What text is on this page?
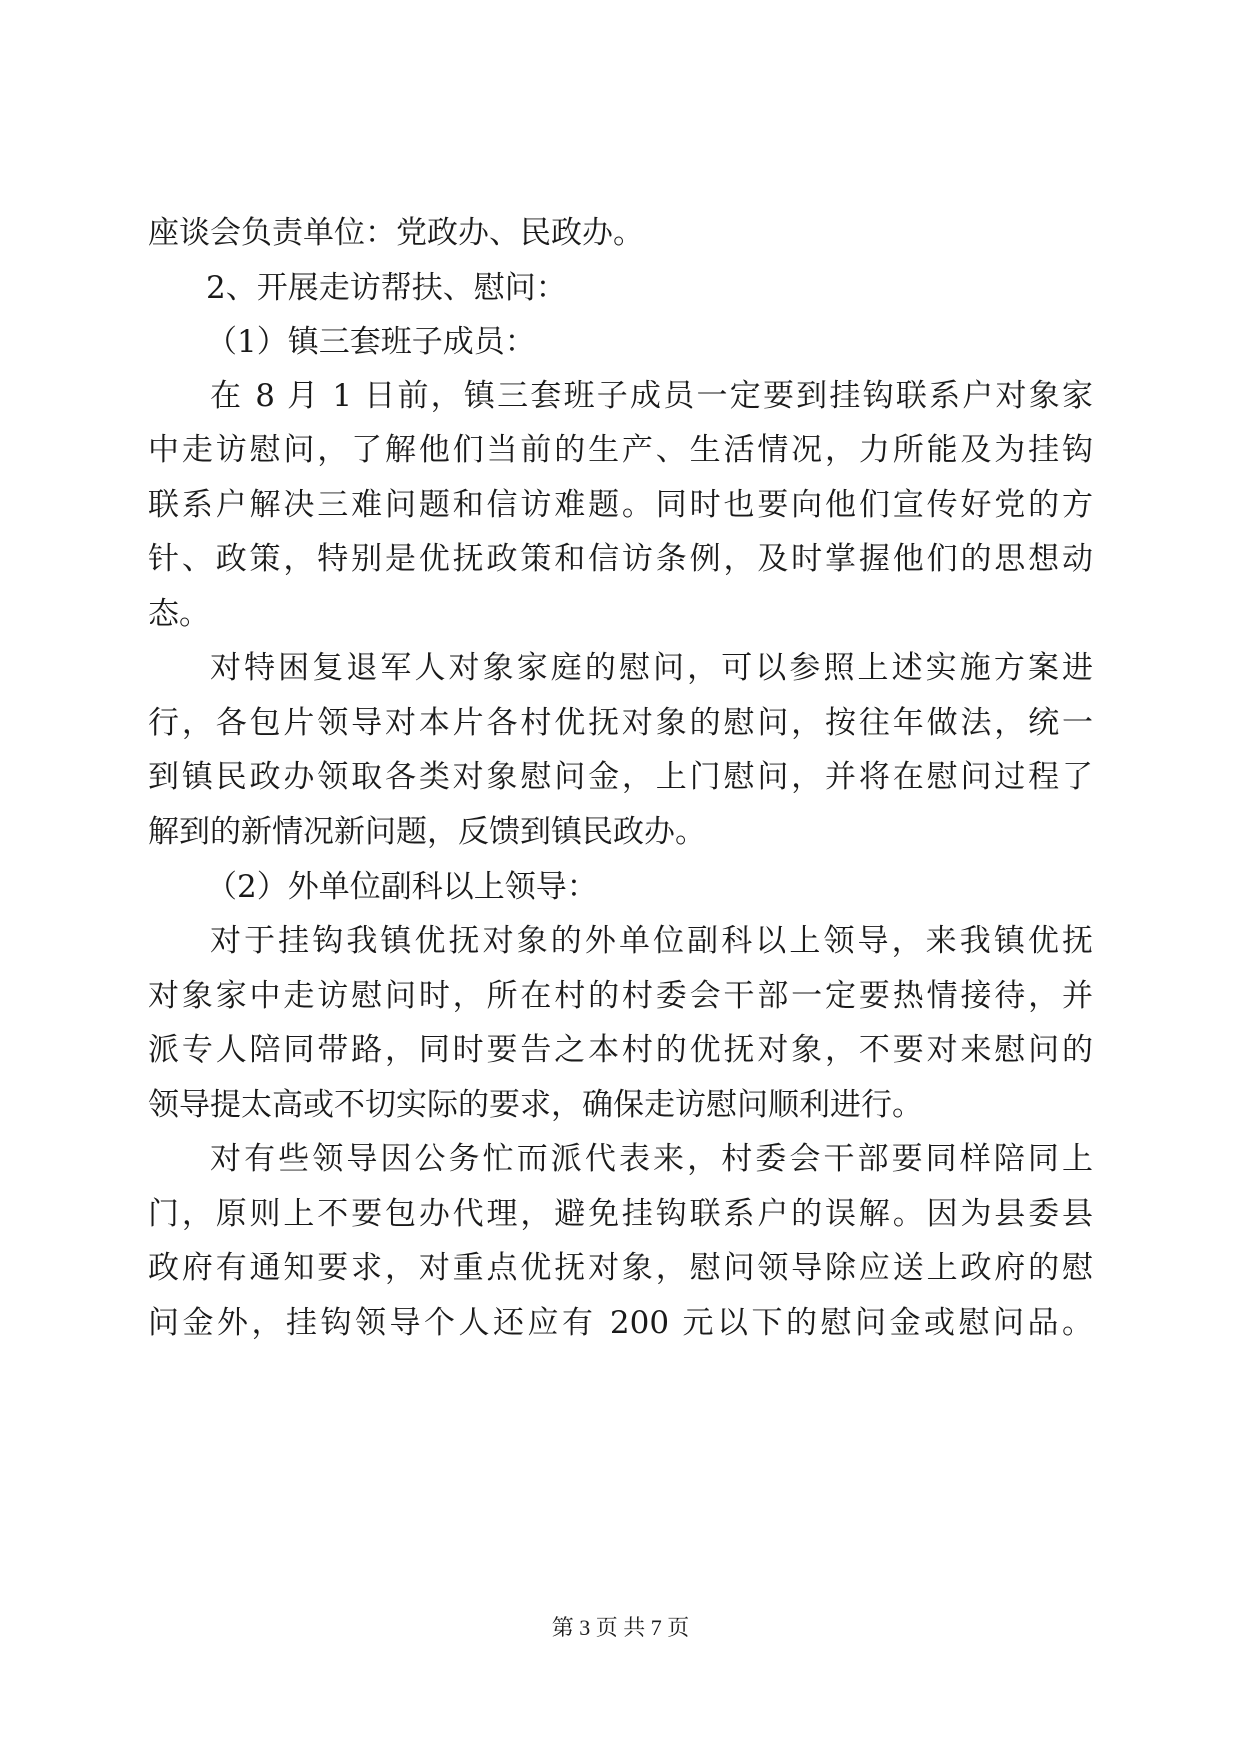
座谈会负责单位：党政办、民政办。
2、开展走访帮扶、慰问：
（1）镇三套班子成员：
在 8 月 1 日前，镇三套班子成员一定要到挂钩联系户对象家
中走访慰问，了解他们当前的生产、生活情况，力所能及为挂钩
联系户解决三难问题和信访难题。同时也要向他们宣传好党的方
针、政策，特别是优抚政策和信访条例，及时掌握他们的思想动
态。
对特困复退军人对象家庭的慰问，可以参照上述实施方案进
行，各包片领导对本片各村优抚对象的慰问，按往年做法，统一
到镇民政办领取各类对象慰问金，上门慰问，并将在慰问过程了
解到的新情况新问题，反馈到镇民政办。
（2）外单位副科以上领导：
对于挂钩我镇优抚对象的外单位副科以上领导，来我镇优抚
对象家中走访慰问时，所在村的村委会干部一定要热情接待，并
派专人陪同带路，同时要告之本村的优抚对象，不要对来慰问的
领导提太高或不切实际的要求，确保走访慰问顺利进行。
对有些领导因公务忙而派代表来，村委会干部要同样陪同上
门，原则上不要包办代理，避免挂钩联系户的误解。因为县委县
政府有通知要求，对重点优抚对象，慰问领导除应送上政府的慰
问金外，挂钩领导个人还应有 200 元以下的慰问金或慰问品。
第 3 页 共 7 页
